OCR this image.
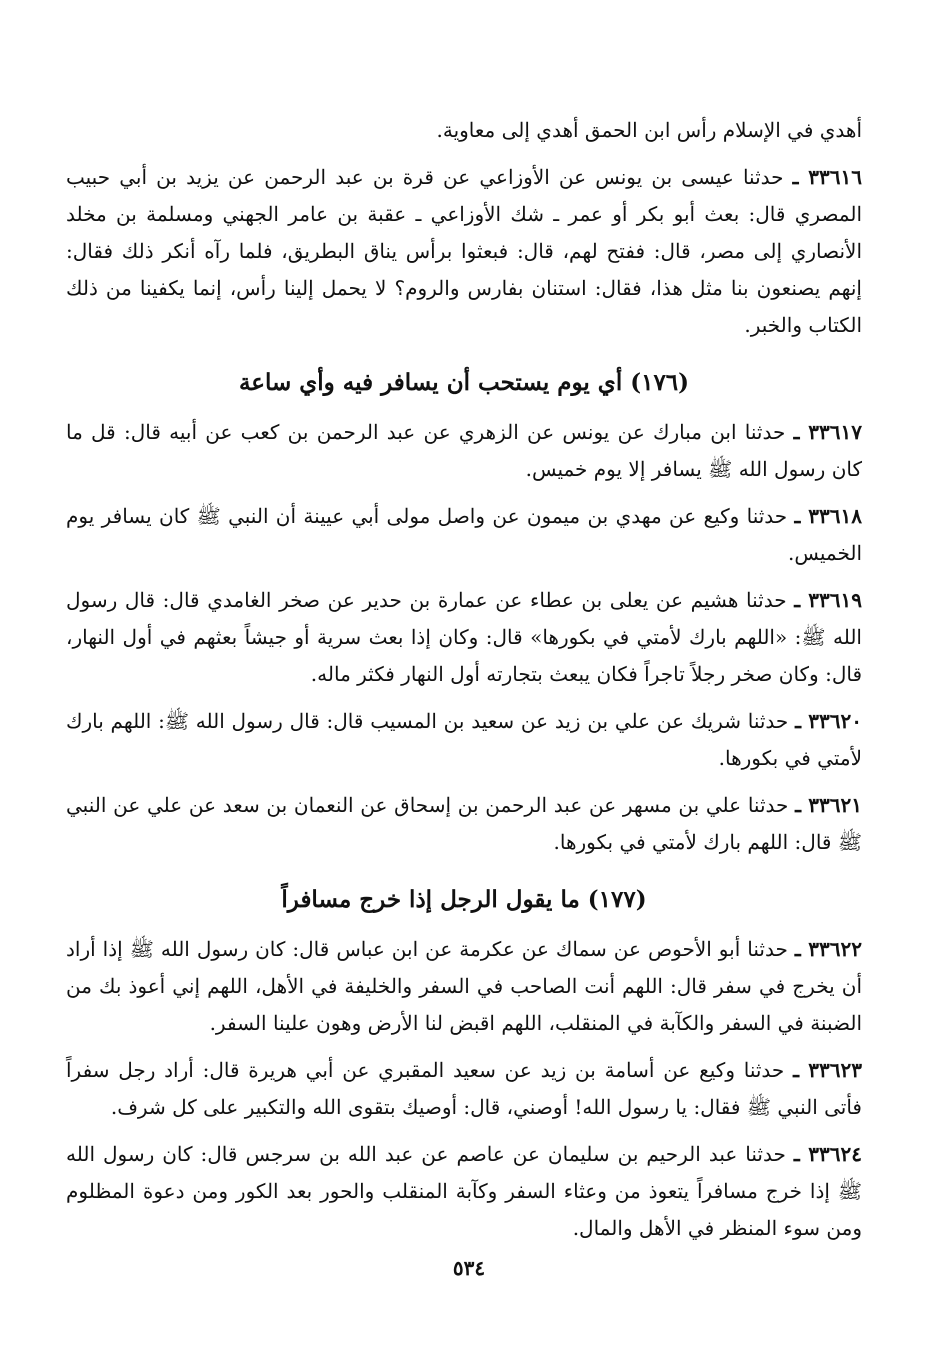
أهدي في الإسلام رأس ابن الحمق أهدي إلى معاوية.

٣٣٦١٦ ـ حدثنا عيسى بن يونس عن الأوزاعي عن قرة بن عبد الرحمن عن يزيد بن أبي حبيب المصري قال: بعث أبو بكر أو عمر ـ شك الأوزاعي ـ عقبة بن عامر الجهني ومسلمة بن مخلد الأنصاري إلى مصر، قال: ففتح لهم، قال: فبعثوا برأس يناق البطريق، فلما رآه أنكر ذلك فقال: إنهم يصنعون بنا مثل هذا، فقال: استنان بفارس والروم؟ لا يحمل إلينا رأس، إنما يكفينا من ذلك الكتاب والخبر.

(١٧٦) أي يوم يستحب أن يسافر فيه وأي ساعة

٣٣٦١٧ ـ حدثنا ابن مبارك عن يونس عن الزهري عن عبد الرحمن بن كعب عن أبيه قال: قل ما كان رسول الله ﷺ يسافر إلا يوم خميس.

٣٣٦١٨ ـ حدثنا وكيع عن مهدي بن ميمون عن واصل مولى أبي عيينة أن النبي ﷺ كان يسافر يوم الخميس.

٣٣٦١٩ ـ حدثنا هشيم عن يعلى بن عطاء عن عمارة بن حدير عن صخر الغامدي قال: قال رسول الله ﷺ: «اللهم بارك لأمتي في بكورها» قال: وكان إذا بعث سرية أو جيشاً بعثهم في أول النهار، قال: وكان صخر رجلاً تاجراً فكان يبعث بتجارته أول النهار فكثر ماله.

٣٣٦٢٠ ـ حدثنا شريك عن علي بن زيد عن سعيد بن المسيب قال: قال رسول الله ﷺ: اللهم بارك لأمتي في بكورها.

٣٣٦٢١ ـ حدثنا علي بن مسهر عن عبد الرحمن بن إسحاق عن النعمان بن سعد عن علي عن النبي ﷺ قال: اللهم بارك لأمتي في بكورها.

(١٧٧) ما يقول الرجل إذا خرج مسافراً

٣٣٦٢٢ ـ حدثنا أبو الأحوص عن سماك عن عكرمة عن ابن عباس قال: كان رسول الله ﷺ إذا أراد أن يخرج في سفر قال: اللهم أنت الصاحب في السفر والخليفة في الأهل، اللهم إني أعوذ بك من الضبنة في السفر والكآبة في المنقلب، اللهم اقبض لنا الأرض وهون علينا السفر.

٣٣٦٢٣ ـ حدثنا وكيع عن أسامة بن زيد عن سعيد المقبري عن أبي هريرة قال: أراد رجل سفراً فأتى النبي ﷺ فقال: يا رسول الله! أوصني، قال: أوصيك بتقوى الله والتكبير على كل شرف.

٣٣٦٢٤ ـ حدثنا عبد الرحيم بن سليمان عن عاصم عن عبد الله بن سرجس قال: كان رسول الله ﷺ إذا خرج مسافراً يتعوذ من وعثاء السفر وكآبة المنقلب والحور بعد الكور ومن دعوة المظلوم ومن سوء المنظر في الأهل والمال.

٥٣٤
